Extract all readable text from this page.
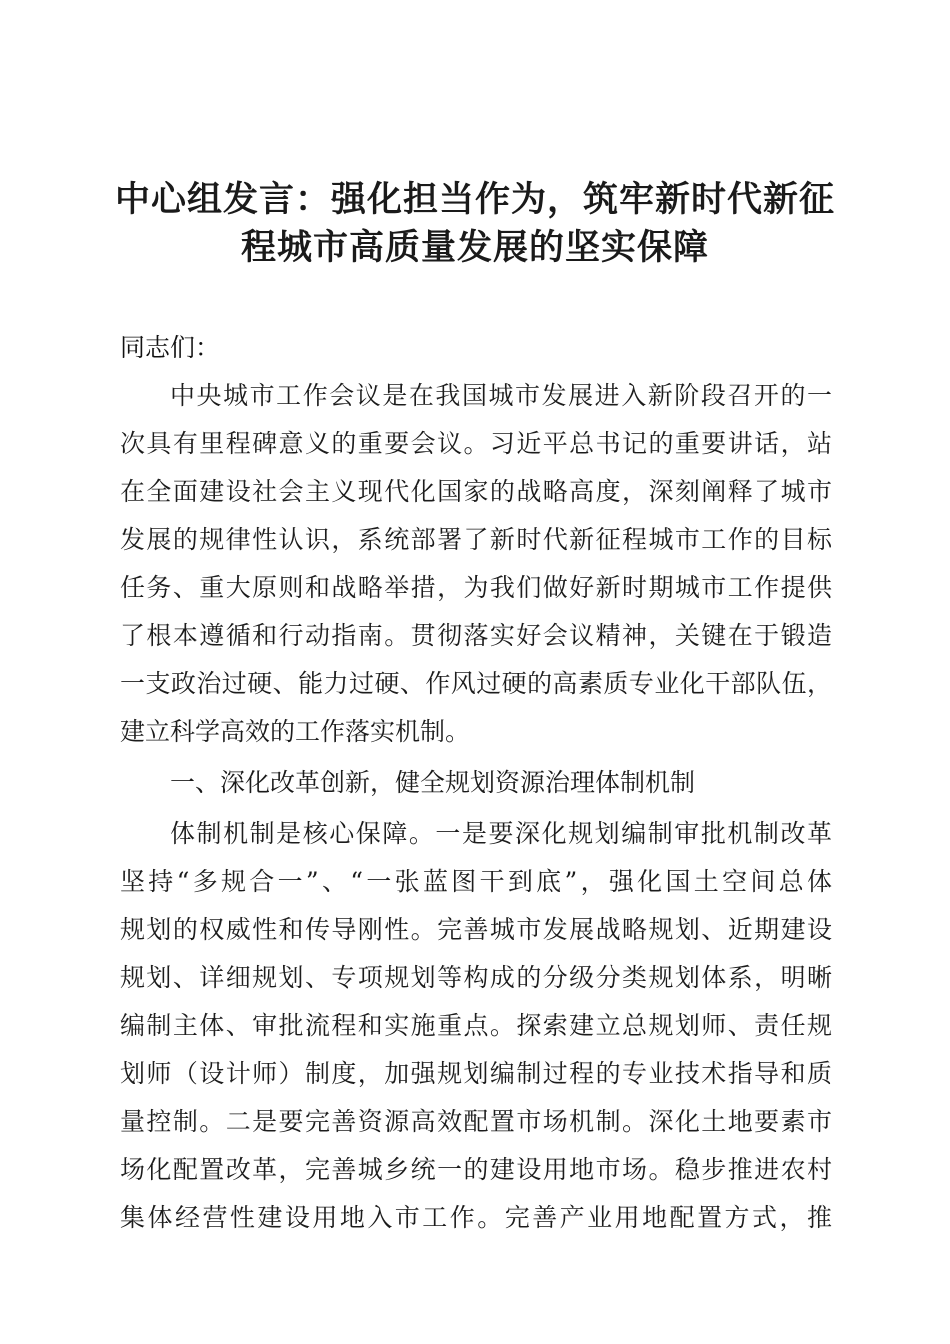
中心组发言：强化担当作为，筑牢新时代新征
程城市高质量发展的坚实保障
同志们：
中央城市工作会议是在我国城市发展进入新阶段召开的一
次具有里程碑意义的重要会议。习近平总书记的重要讲话，站
在全面建设社会主义现代化国家的战略高度，深刻阐释了城市
发展的规律性认识，系统部署了新时代新征程城市工作的目标
任务、重大原则和战略举措，为我们做好新时期城市工作提供
了根本遵循和行动指南。贯彻落实好会议精神，关键在于锻造
一支政治过硬、能力过硬、作风过硬的高素质专业化干部队伍，
建立科学高效的工作落实机制。
一、深化改革创新，健全规划资源治理体制机制
体制机制是核心保障。一是要深化规划编制审批机制改革
坚持“多规合一”、“一张蓝图干到底”，强化国土空间总体
规划的权威性和传导刚性。完善城市发展战略规划、近期建设
规划、详细规划、专项规划等构成的分级分类规划体系，明晰
编制主体、审批流程和实施重点。探索建立总规划师、责任规
划师（设计师）制度，加强规划编制过程的专业技术指导和质
量控制。二是要完善资源高效配置市场机制。深化土地要素市
场化配置改革，完善城乡统一的建设用地市场。稳步推进农村
集体经营性建设用地入市工作。完善产业用地配置方式，推
